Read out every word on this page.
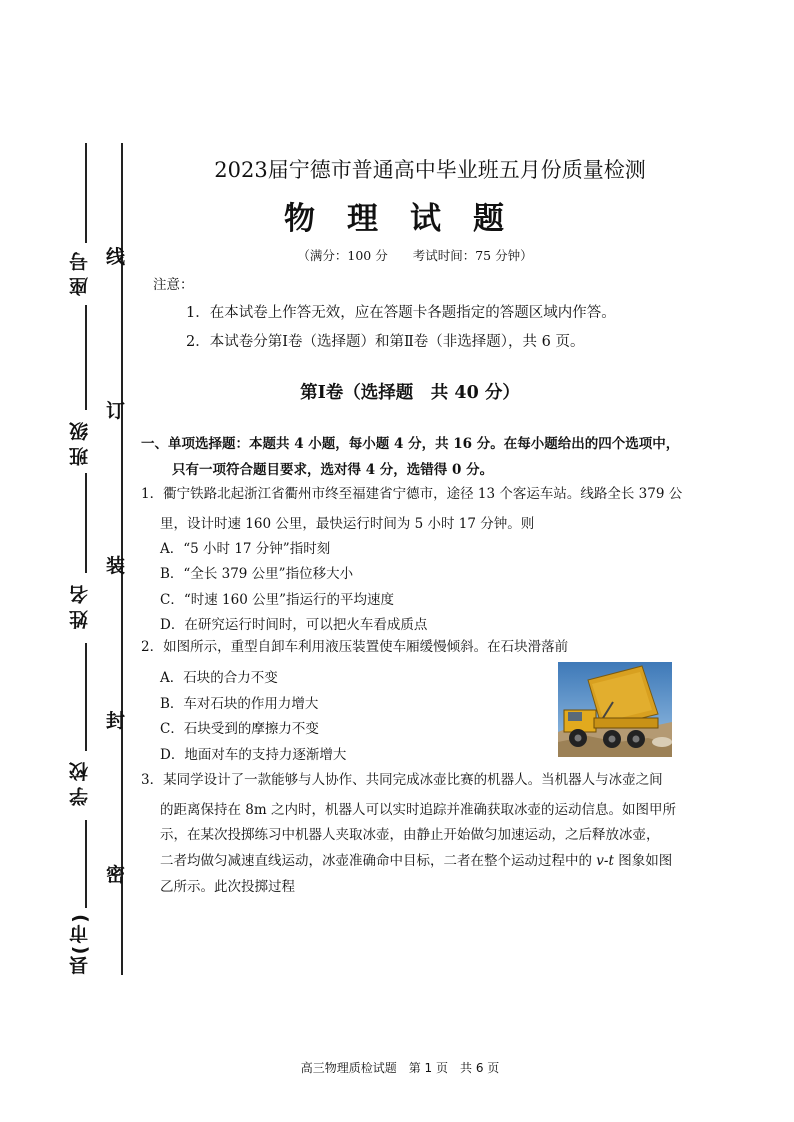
座号
班级
姓名
学校
县(市)
线
订
装
封
密
2023届宁德市普通高中毕业班五月份质量检测
物理试题
（满分：100 分　　考试时间：75 分钟）
注意：
1．在本试卷上作答无效，应在答题卡各题指定的答题区域内作答。
2．本试卷分第Ⅰ卷（选择题）和第Ⅱ卷（非选择题），共 6 页。
第Ⅰ卷（选择题　共 40 分）
一、单项选择题：本题共 4 小题，每小题 4 分，共 16 分。在每小题给出的四个选项中，
只有一项符合题目要求，选对得 4 分，选错得 0 分。
1．衢宁铁路北起浙江省衢州市终至福建省宁德市，途径 13 个客运车站。线路全长 379 公
里，设计时速 160 公里，最快运行时间为 5 小时 17 分钟。则
A．“5 小时 17 分钟”指时刻
B．“全长 379 公里”指位移大小
C．“时速 160 公里”指运行的平均速度
D．在研究运行时间时，可以把火车看成质点
2．如图所示，重型自卸车利用液压装置使车厢缓慢倾斜。在石块滑落前
A．石块的合力不变
B．车对石块的作用力增大
C．石块受到的摩擦力不变
D．地面对车的支持力逐渐增大
3．某同学设计了一款能够与人协作、共同完成冰壶比赛的机器人。当机器人与冰壶之间
的距离保持在 8m 之内时，机器人可以实时追踪并准确获取冰壶的运动信息。如图甲所
示，在某次投掷练习中机器人夹取冰壶，由静止开始做匀加速运动，之后释放冰壶，
二者均做匀减速直线运动，冰壶准确命中目标，二者在整个运动过程中的 v-t 图象如图
乙所示。此次投掷过程
高三物理质检试题　第 1 页　共 6 页
